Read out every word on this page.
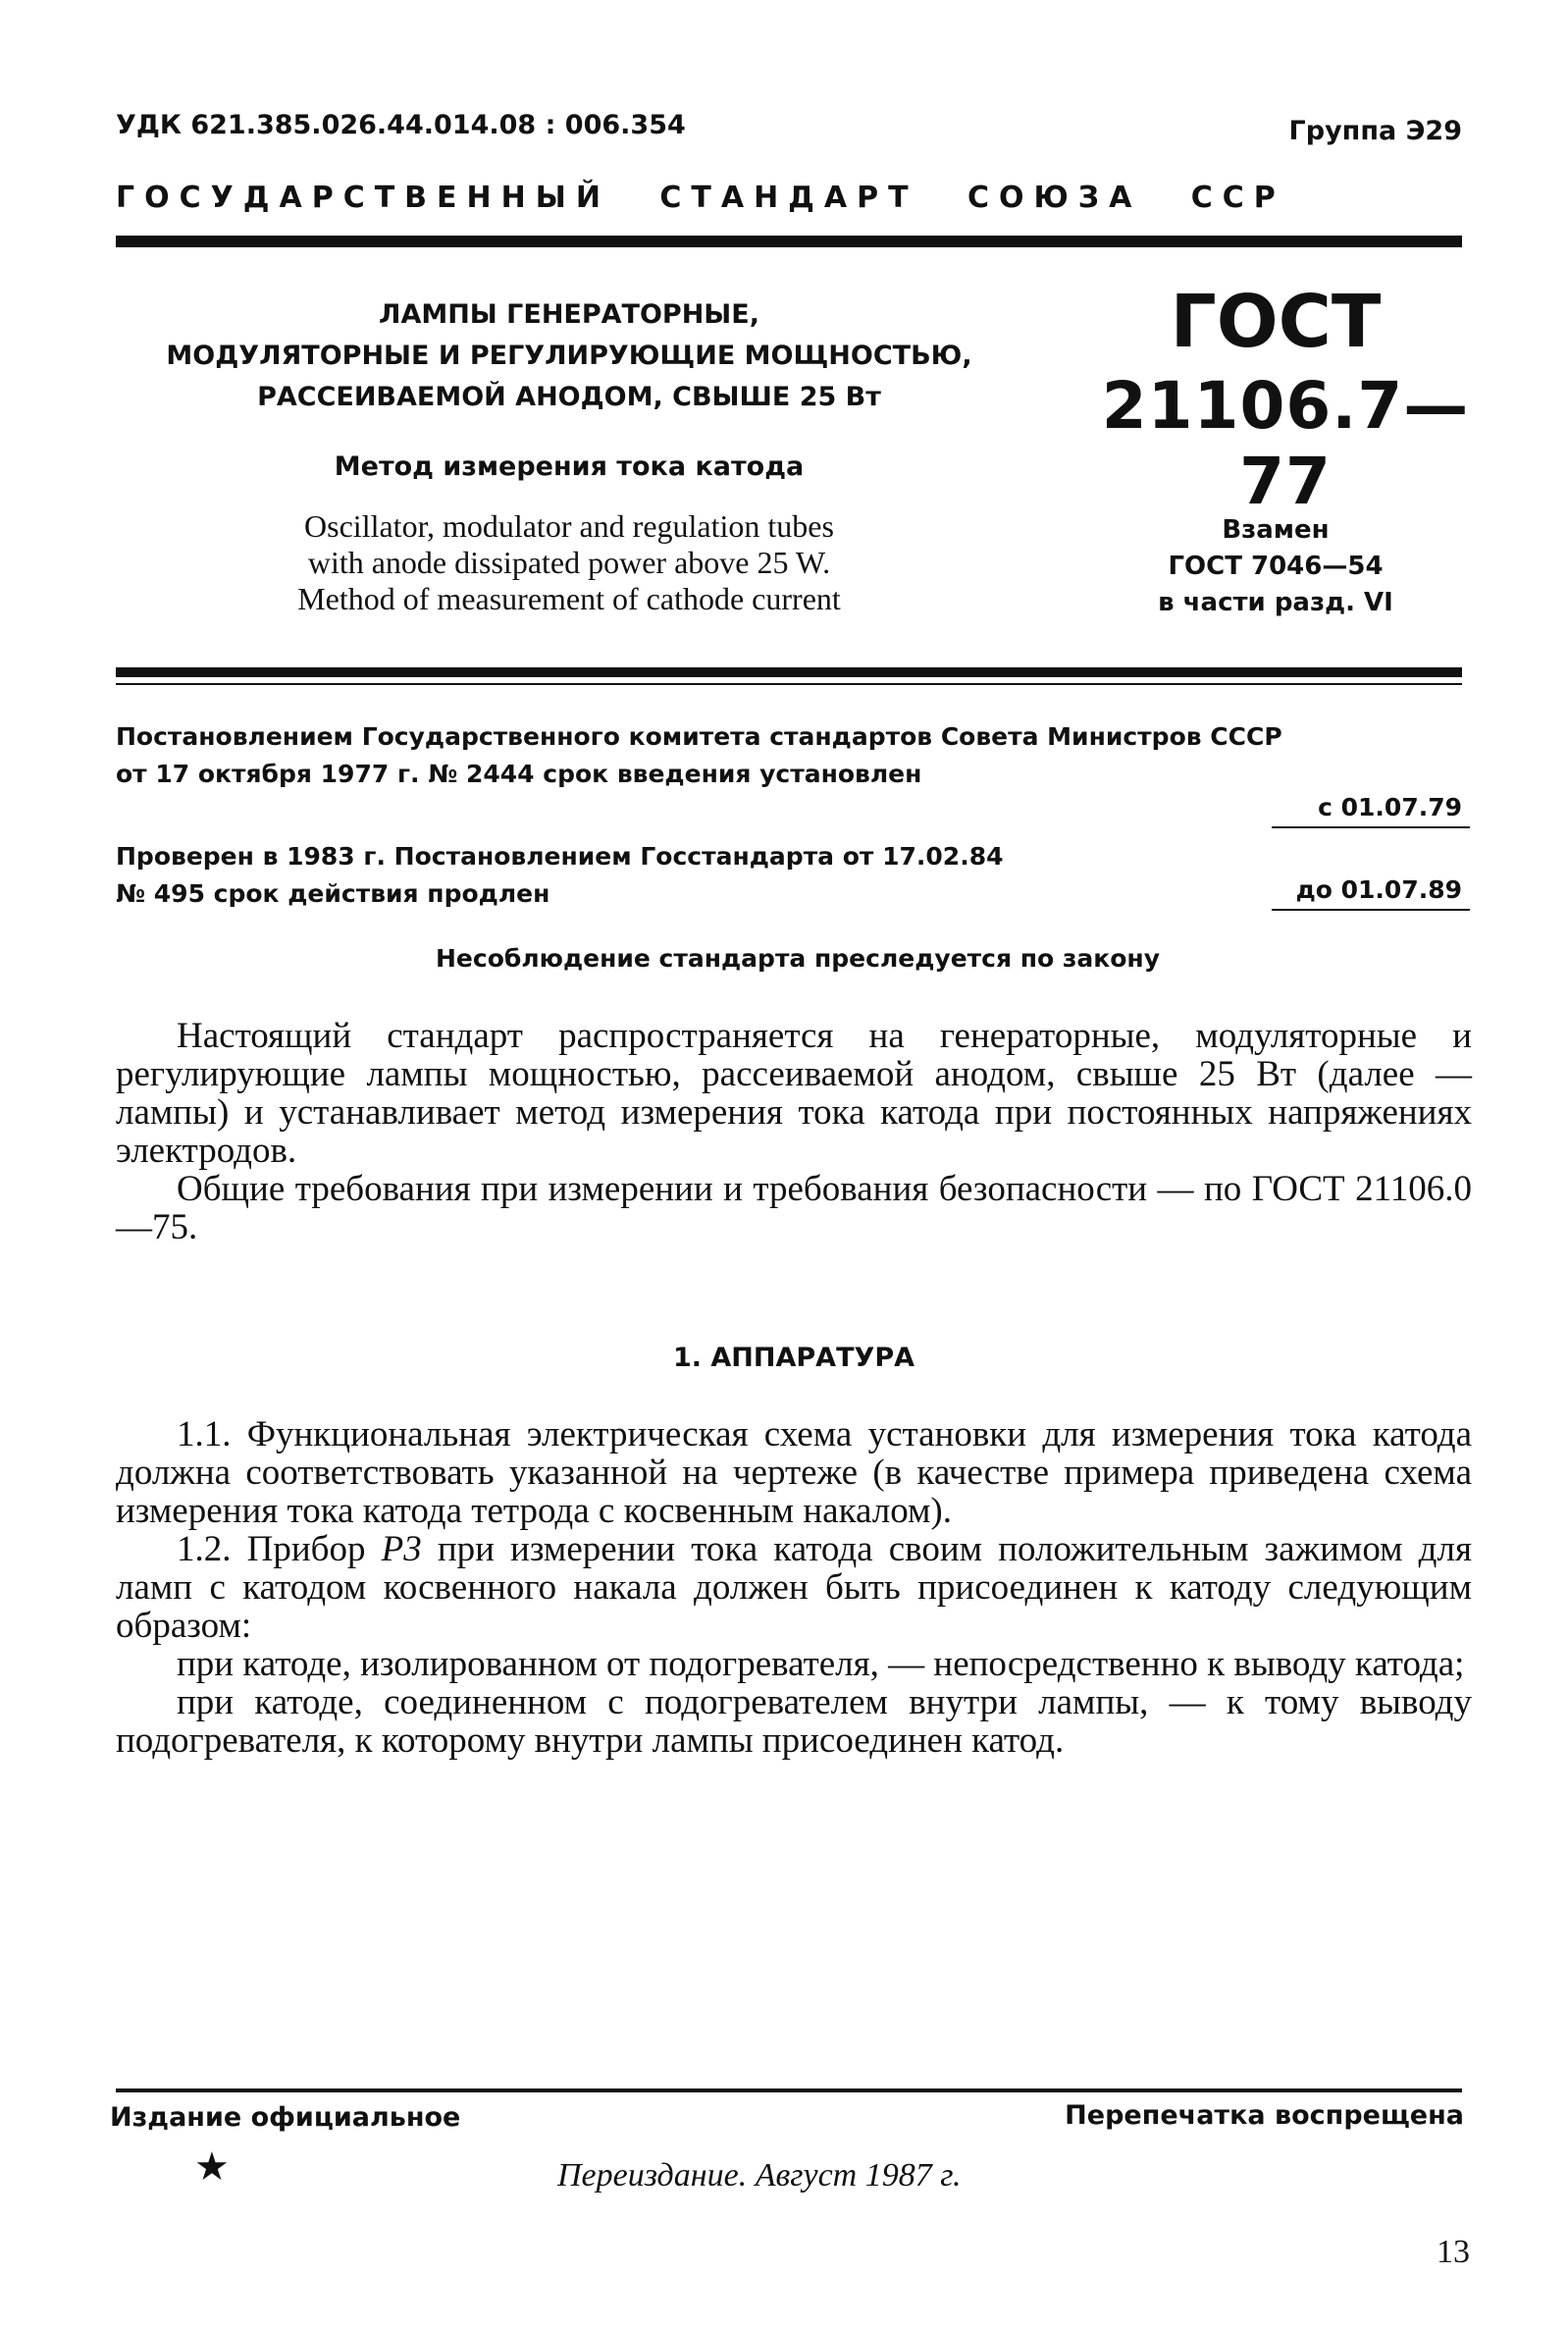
УДК 621.385.026.44.014.08 : 006.354	Группа Э29
ГОСУДАРСТВЕННЫЙ СТАНДАРТ СОЮЗА ССР
ЛАМПЫ ГЕНЕРАТОРНЫЕ,
МОДУЛЯТОРНЫЕ И РЕГУЛИРУЮЩИЕ МОЩНОСТЬЮ,
РАССЕИВАЕМОЙ АНОДОМ, СВЫШЕ 25 Вт
Метод измерения тока катода
Oscillator, modulator and regulation tubes
with anode dissipated power above 25 W.
Method of measurement of cathode current
ГОСТ
21106.7—77
Взамен
ГОСТ 7046—54
в части разд. VI
Постановлением Государственного комитета стандартов Совета Министров СССР
от 17 октября 1977 г. № 2444 срок введения установлен
с 01.07.79
Проверен в 1983 г. Постановлением Госстандарта от 17.02.84
№ 495 срок действия продлен	до 01.07.89
Несоблюдение стандарта преследуется по закону

Настоящий стандарт распространяется на генераторные, модуляторные и регулирующие лампы мощностью, рассеиваемой анодом, свыше 25 Вт (далее — лампы) и устанавливает метод измерения тока катода при постоянных напряжениях электродов.

Общие требования при измерении и требования безопасности — по ГОСТ 21106.0—75.

1. АППАРАТУРА

1.1. Функциональная электрическая схема установки для измерения тока катода должна соответствовать указанной на чертеже (в качестве примера приведена схема измерения тока катода тетрода с косвенным накалом).

1.2. Прибор Р3 при измерении тока катода своим положительным зажимом для ламп с катодом косвенного накала должен быть присоединен к катоду следующим образом:

при катоде, изолированном от подогревателя, — непосредственно к выводу катода;

при катоде, соединенном с подогревателем внутри лампы, — к тому выводу подогревателя, к которому внутри лампы присоединен катод.

Издание официальное	Перепечатка воспрещена
★	Переиздание. Август 1987 г.
13
